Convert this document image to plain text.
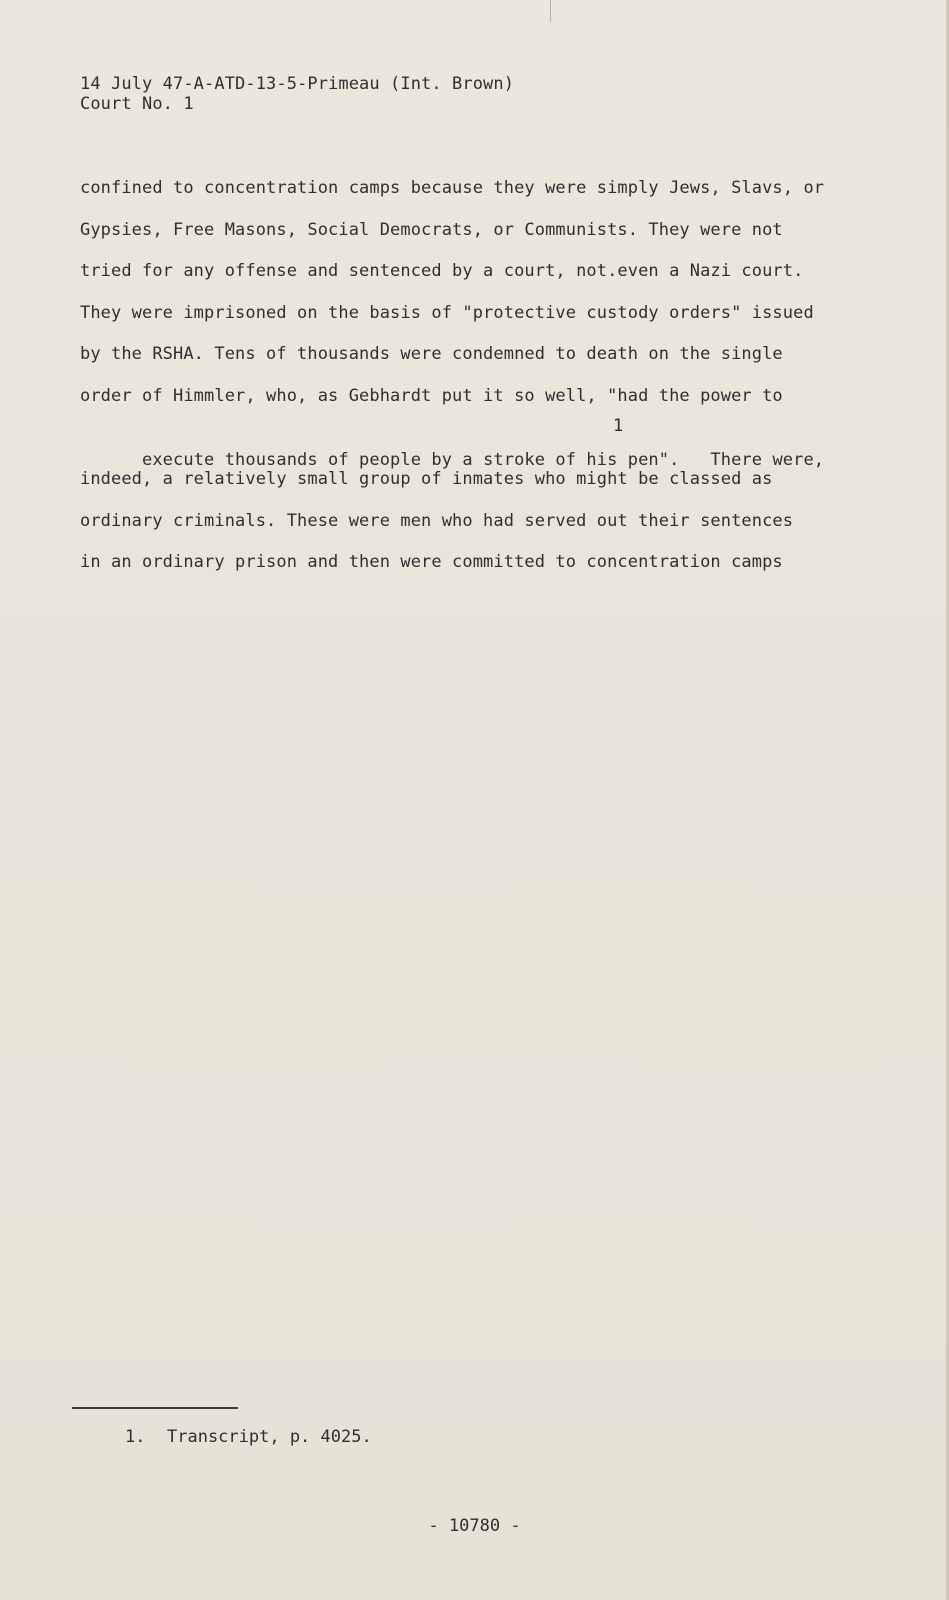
14 July 47-A-ATD-13-5-Primeau (Int. Brown)
Court No. 1
confined to concentration camps because they were simply Jews, Slavs, or
Gypsies, Free Masons, Social Democrats, or Communists. They were not
tried for any offense and sentenced by a court, not.even a Nazi court.
They were imprisoned on the basis of "protective custody orders" issued
by the RSHA. Tens of thousands were condemned to death on the single
order of Himmler, who, as Gebhardt put it so well, "had the power to

execute thousands of people by a stroke of his pen".   There were,

1

indeed, a relatively small group of inmates who might be classed as
ordinary criminals. These were men who had served out their sentences
in an ordinary prison and then were committed to concentration camps
1. Transcript, p. 4025.
- 10780 -
